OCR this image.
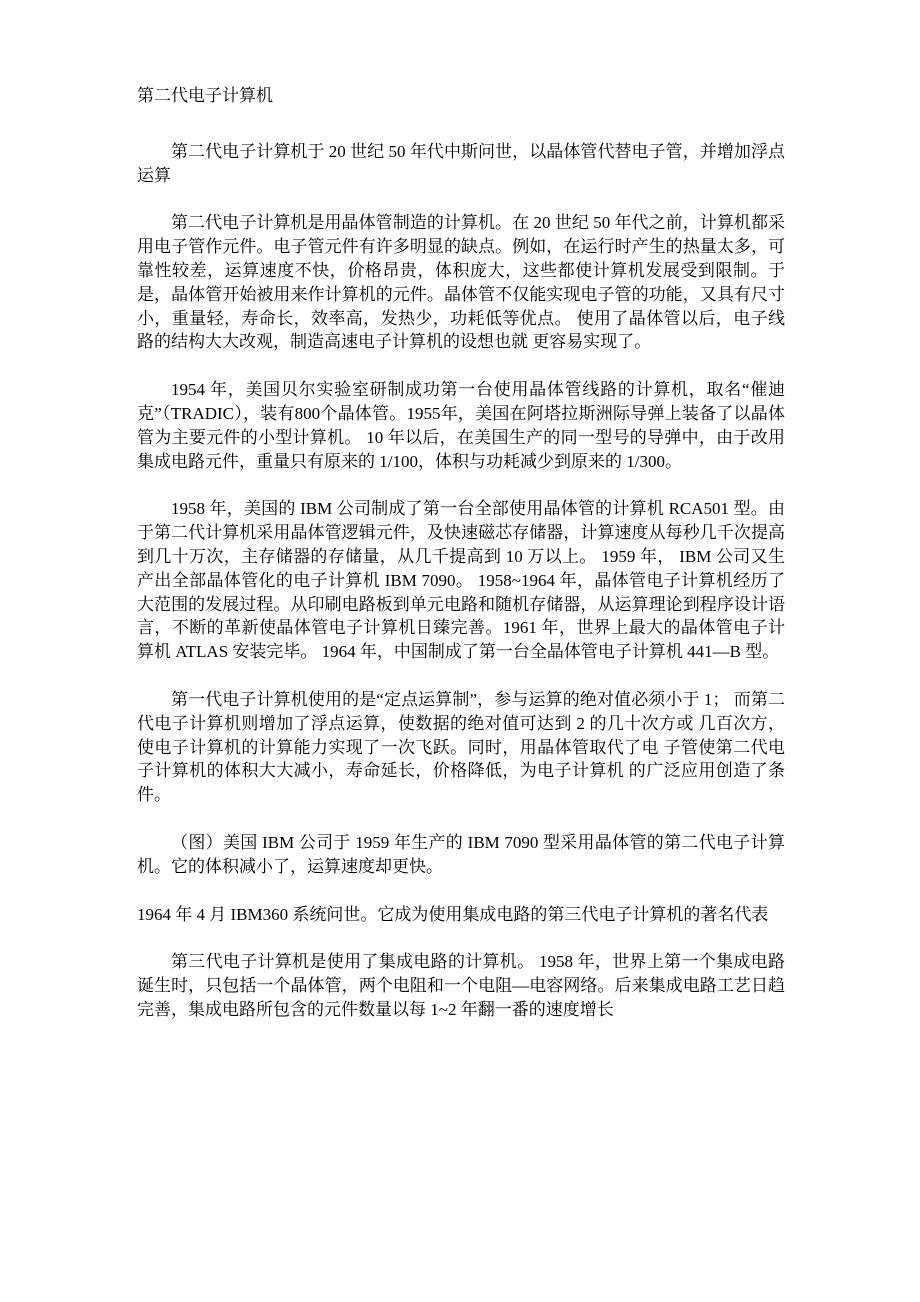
第二代电子计算机

第二代电子计算机于 20 世纪 50 年代中斯问世，以晶体管代替电子管，并增加浮点运算

第二代电子计算机是用晶体管制造的计算机。在 20 世纪 50 年代之前，计算机都采用电子管作元件。电子管元件有许多明显的缺点。例如，在运行时产生的热量太多，可靠性较差，运算速度不快，价格昂贵，体积庞大，这些都使计算机发展受到限制。于是，晶体管开始被用来作计算机的元件。晶体管不仅能实现电子管的功能，又具有尺寸小，重量轻，寿命长，效率高，发热少，功耗低等优点。 使用了晶体管以后，电子线路的结构大大改观，制造高速电子计算机的设想也就 更容易实现了。

1954 年，美国贝尔实验室研制成功第一台使用晶体管线路的计算机，取名“催迪克”（TRADIC），装有800个晶体管。1955年，美国在阿塔拉斯洲际导弹上装备了以晶体管为主要元件的小型计算机。 10 年以后，在美国生产的同一型号的导弹中，由于改用集成电路元件，重量只有原来的 1/100，体积与功耗减少到原来的 1/300。

1958 年，美国的 IBM 公司制成了第一台全部使用晶体管的计算机 RCA501 型。由于第二代计算机采用晶体管逻辑元件，及快速磁芯存储器，计算速度从每秒几千次提高到几十万次，主存储器的存储量，从几千提高到 10 万以上。 1959 年， IBM 公司又生产出全部晶体管化的电子计算机 IBM 7090。 1958~1964 年，晶体管电子计算机经历了大范围的发展过程。从印刷电路板到单元电路和随机存储器，从运算理论到程序设计语言，不断的革新使晶体管电子计算机日臻完善。1961 年，世界上最大的晶体管电子计算机 ATLAS 安装完毕。 1964 年，中国制成了第一台全晶体管电子计算机 441—B 型。

第一代电子计算机使用的是“定点运算制”，参与运算的绝对值必须小于 1； 而第二代电子计算机则增加了浮点运算，使数据的绝对值可达到 2 的几十次方或 几百次方，使电子计算机的计算能力实现了一次飞跃。同时，用晶体管取代了电 子管使第二代电子计算机的体积大大减小，寿命延长，价格降低，为电子计算机 的广泛应用创造了条件。

（图）美国 IBM 公司于 1959 年生产的 IBM 7090 型采用晶体管的第二代电子计算机。它的体积减小了，运算速度却更快。

1964 年 4 月 IBM360 系统问世。它成为使用集成电路的第三代电子计算机的著名代表

第三代电子计算机是使用了集成电路的计算机。 1958 年，世界上第一个集成电路诞生时，只包括一个晶体管，两个电阻和一个电阻—电容网络。后来集成电路工艺日趋完善，集成电路所包含的元件数量以每 1~2 年翻一番的速度增长
